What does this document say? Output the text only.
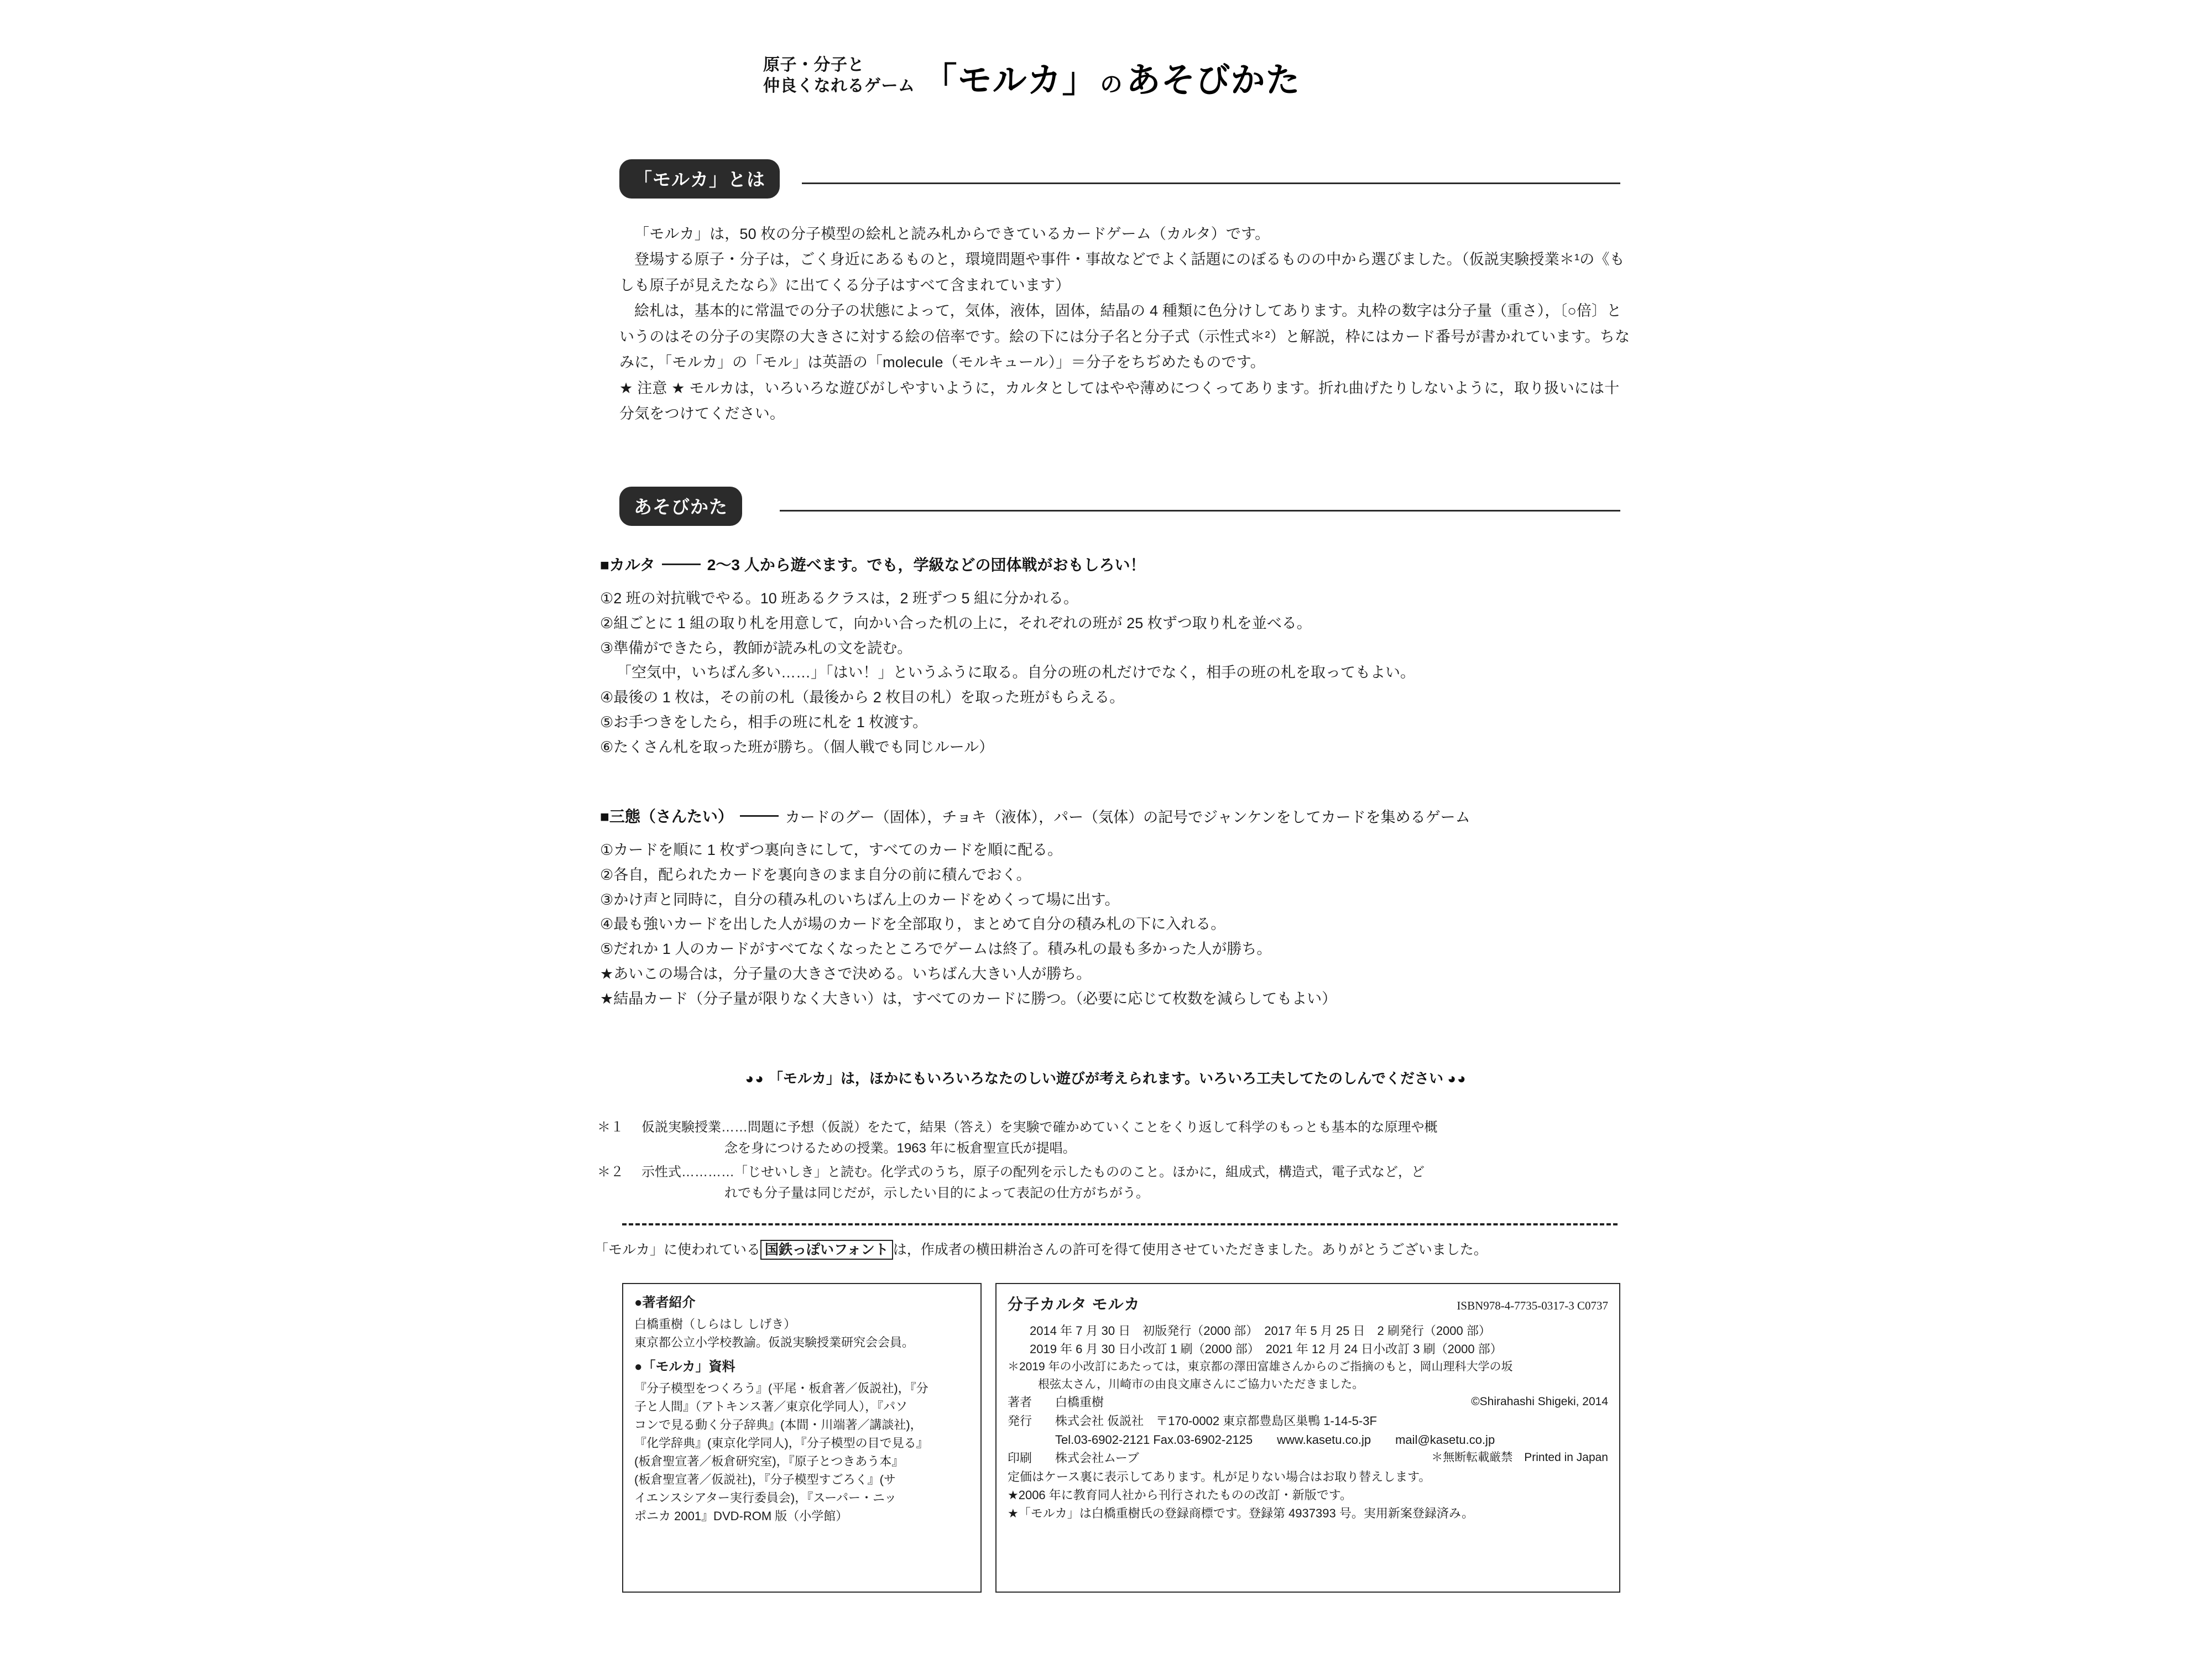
原子・分子と
仲良くなれるゲーム 「モルカ」 のあそびかた
「モルカ」とは

「モルカ」は，50 枚の分子模型の絵札と読み札からできているカードゲーム（カルタ）です。

登場する原子・分子は，ごく身近にあるものと，環境問題や事件・事故などでよく話題にのぼるものの中から選びました。（仮説実験授業＊¹の《もしも原子が見えたなら》に出てくる分子はすべて含まれています）

絵札は，基本的に常温での分子の状態によって，気体，液体，固体，結晶の 4 種類に色分けしてあります。丸枠の数字は分子量（重さ），〔○倍〕というのはその分子の実際の大きさに対する絵の倍率です。絵の下には分子名と分子式（示性式＊²）と解説，枠にはカード番号が書かれています。ちなみに，「モルカ」の「モル」は英語の「molecule（モルキュール）」＝分子をちぢめたものです。

★ 注意 ★ モルカは，いろいろな遊びがしやすいように，カルタとしてはやや薄めにつくってあります。折れ曲げたりしないように，取り扱いには十分気をつけてください。

あそびかた
■カルタ	2〜3 人から遊べます。でも，学級などの団体戦がおもしろい！

①2 班の対抗戦でやる。10 班あるクラスは，2 班ずつ 5 組に分かれる。

②組ごとに 1 組の取り札を用意して，向かい合った机の上に，それぞれの班が 25 枚ずつ取り札を並べる。

③準備ができたら，教師が読み札の文を読む。

「空気中，いちばん多い……」「はい！」というふうに取る。自分の班の札だけでなく，相手の班の札を取ってもよい。

④最後の 1 枚は，その前の札（最後から 2 枚目の札）を取った班がもらえる。

⑤お手つきをしたら，相手の班に札を 1 枚渡す。

⑥たくさん札を取った班が勝ち。（個人戦でも同じルール）

■三態（さんたい）	カードのグー（固体），チョキ（液体），パー（気体）の記号でジャンケンをしてカードを集めるゲーム

①カードを順に 1 枚ずつ裏向きにして，すべてのカードを順に配る。

②各自，配られたカードを裏向きのまま自分の前に積んでおく。

③かけ声と同時に，自分の積み札のいちばん上のカードをめくって場に出す。

④最も強いカードを出した人が場のカードを全部取り，まとめて自分の積み札の下に入れる。

⑤だれか 1 人のカードがすべてなくなったところでゲームは終了。積み札の最も多かった人が勝ち。

★あいこの場合は，分子量の大きさで決める。いちばん大きい人が勝ち。

★結晶カード（分子量が限りなく大きい）は，すべてのカードに勝つ。（必要に応じて枚数を減らしてもよい）

◕◕ 「モルカ」は，ほかにもいろいろなたのしい遊びが考えられます。いろいろ工夫してたのしんでください ◕◕
＊１	仮説実験授業……問題に予想（仮説）をたて，結果（答え）を実験で確かめていくことをくり返して科学のもっとも基本的な原理や概
念を身につけるための授業。1963 年に板倉聖宣氏が提唱。
＊２	示性式…………「じせいしき」と読む。化学式のうち，原子の配列を示したもののこと。ほかに，組成式，構造式，電子式など，ど
れでも分子量は同じだが，示したい目的によって表記の仕方がちがう。
「モルカ」に使われている 国鉄っぽいフォント は，作成者の横田耕治さんの許可を得て使用させていただきました。ありがとうございました。
●著者紹介

白橋重樹（しらはし しげき）

東京都公立小学校教諭。仮説実験授業研究会会員。

●「モルカ」資料

『分子模型をつくろう』(平尾・板倉著／仮説社)，『分

子と人間』（アトキンス著／東京化学同人），『パソ

コンで見る動く分子辞典』(本間・川端著／講談社)，

『化学辞典』(東京化学同人)，『分子模型の目で見る』

(板倉聖宣著／板倉研究室)，『原子とつきあう本』

(板倉聖宣著／仮説社)，『分子模型すごろく』(サ

イエンスシアター実行委員会)，『スーパー・ニッ

ポニカ 2001』DVD-ROM 版（小学館）

分子カルタ モルカ	ISBN978-4-7735-0317-3 C0737

2014 年 7 月 30 日　初版発行（2000 部）　2017 年 5 月 25 日　2 刷発行（2000 部）

2019 年 6 月 30 日小改訂 1 刷（2000 部）　2021 年 12 月 24 日小改訂 3 刷（2000 部）

＊2019 年の小改訂にあたっては，東京都の澤田富雄さんからのご指摘のもと，岡山理科大学の坂

根弦太さん，川崎市の由良文庫さんにご協力いただきました。

著者	白橋重樹	©Shirahashi Shigeki, 2014
発行	株式会社 仮説社　〒170-0002 東京都豊島区巣鴨 1-14-5-3F

Tel.03-6902-2121 Fax.03-6902-2125　　www.kasetu.co.jp　　mail@kasetu.co.jp

印刷	株式会社ムーブ	＊無断転載厳禁　Printed in Japan

定価はケース裏に表示してあります。札が足りない場合はお取り替えします。

★2006 年に教育同人社から刊行されたものの改訂・新版です。

★「モルカ」は白橋重樹氏の登録商標です。登録第 4937393 号。実用新案登録済み。
